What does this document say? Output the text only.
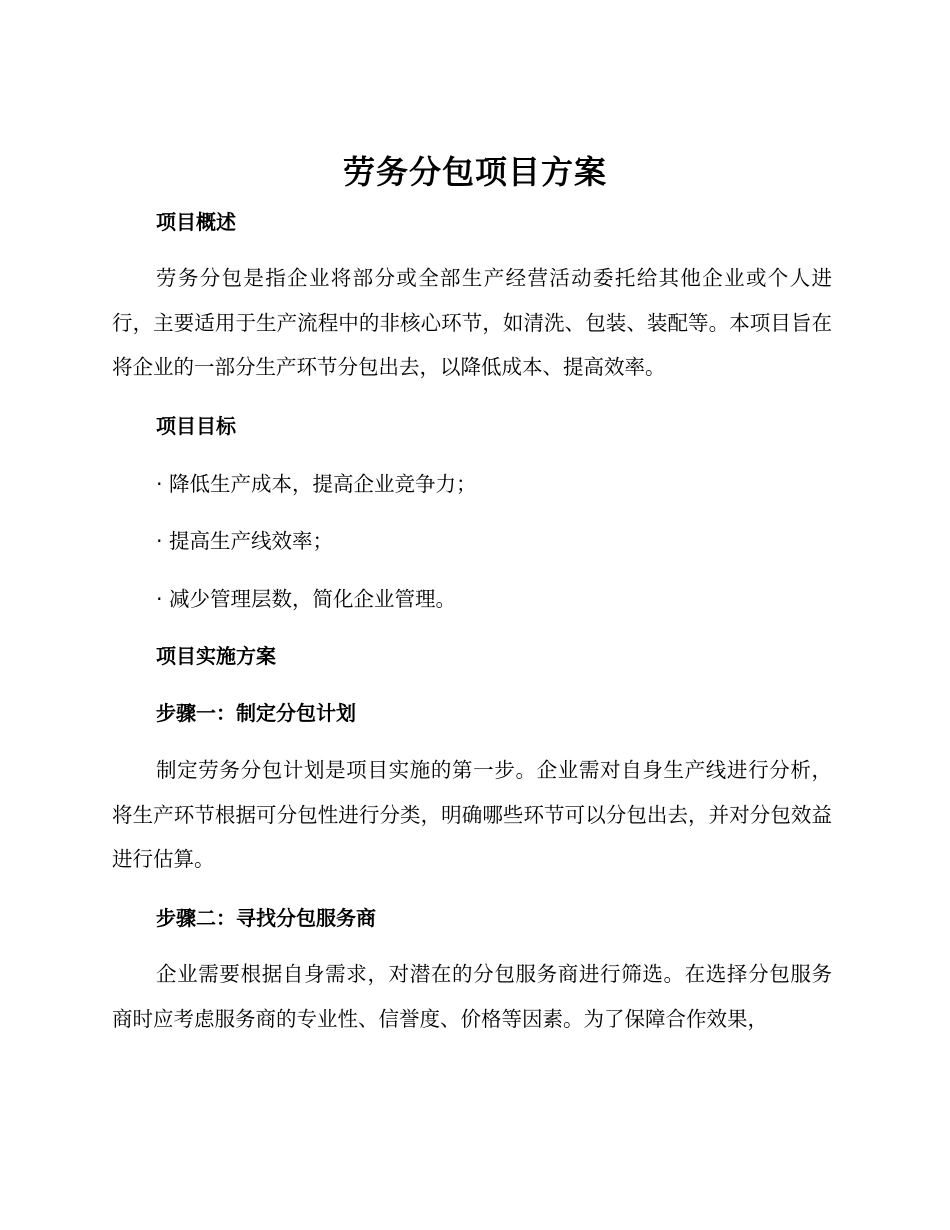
劳务分包项目方案
项目概述
劳务分包是指企业将部分或全部生产经营活动委托给其他企业或个人进行，主要适用于生产流程中的非核心环节，如清洗、包装、装配等。本项目旨在将企业的一部分生产环节分包出去，以降低成本、提高效率。
项目目标
· 降低生产成本，提高企业竞争力；
· 提高生产线效率；
· 减少管理层数，简化企业管理。
项目实施方案
步骤一：制定分包计划
制定劳务分包计划是项目实施的第一步。企业需对自身生产线进行分析，将生产环节根据可分包性进行分类，明确哪些环节可以分包出去，并对分包效益进行估算。
步骤二：寻找分包服务商
企业需要根据自身需求，对潜在的分包服务商进行筛选。在选择分包服务商时应考虑服务商的专业性、信誉度、价格等因素。为了保障合作效果，
